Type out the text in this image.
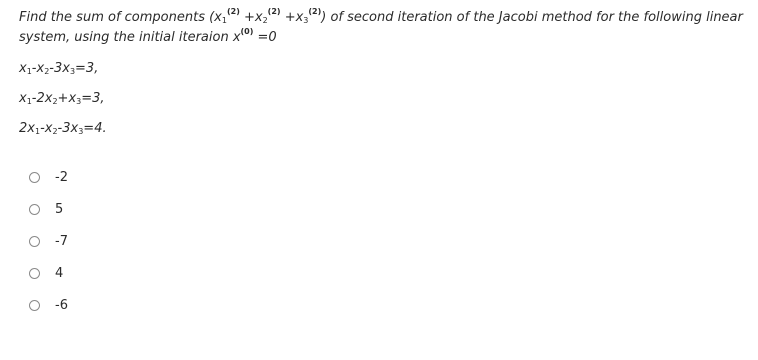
Find the sum of components $(x_1^{(2)} +x_2^{(2)} +x_3^{(2)})$ of second iteration of the Jacobi method for the following linear system, using the initial iteraion $x^{(0)} =0$
$x_1-x_2-3x_3=3$,
$x_1-2x_2+x_3=3$,
$2x_1-x_2-3x_3=4$.
-2
5
-7
4
-6
